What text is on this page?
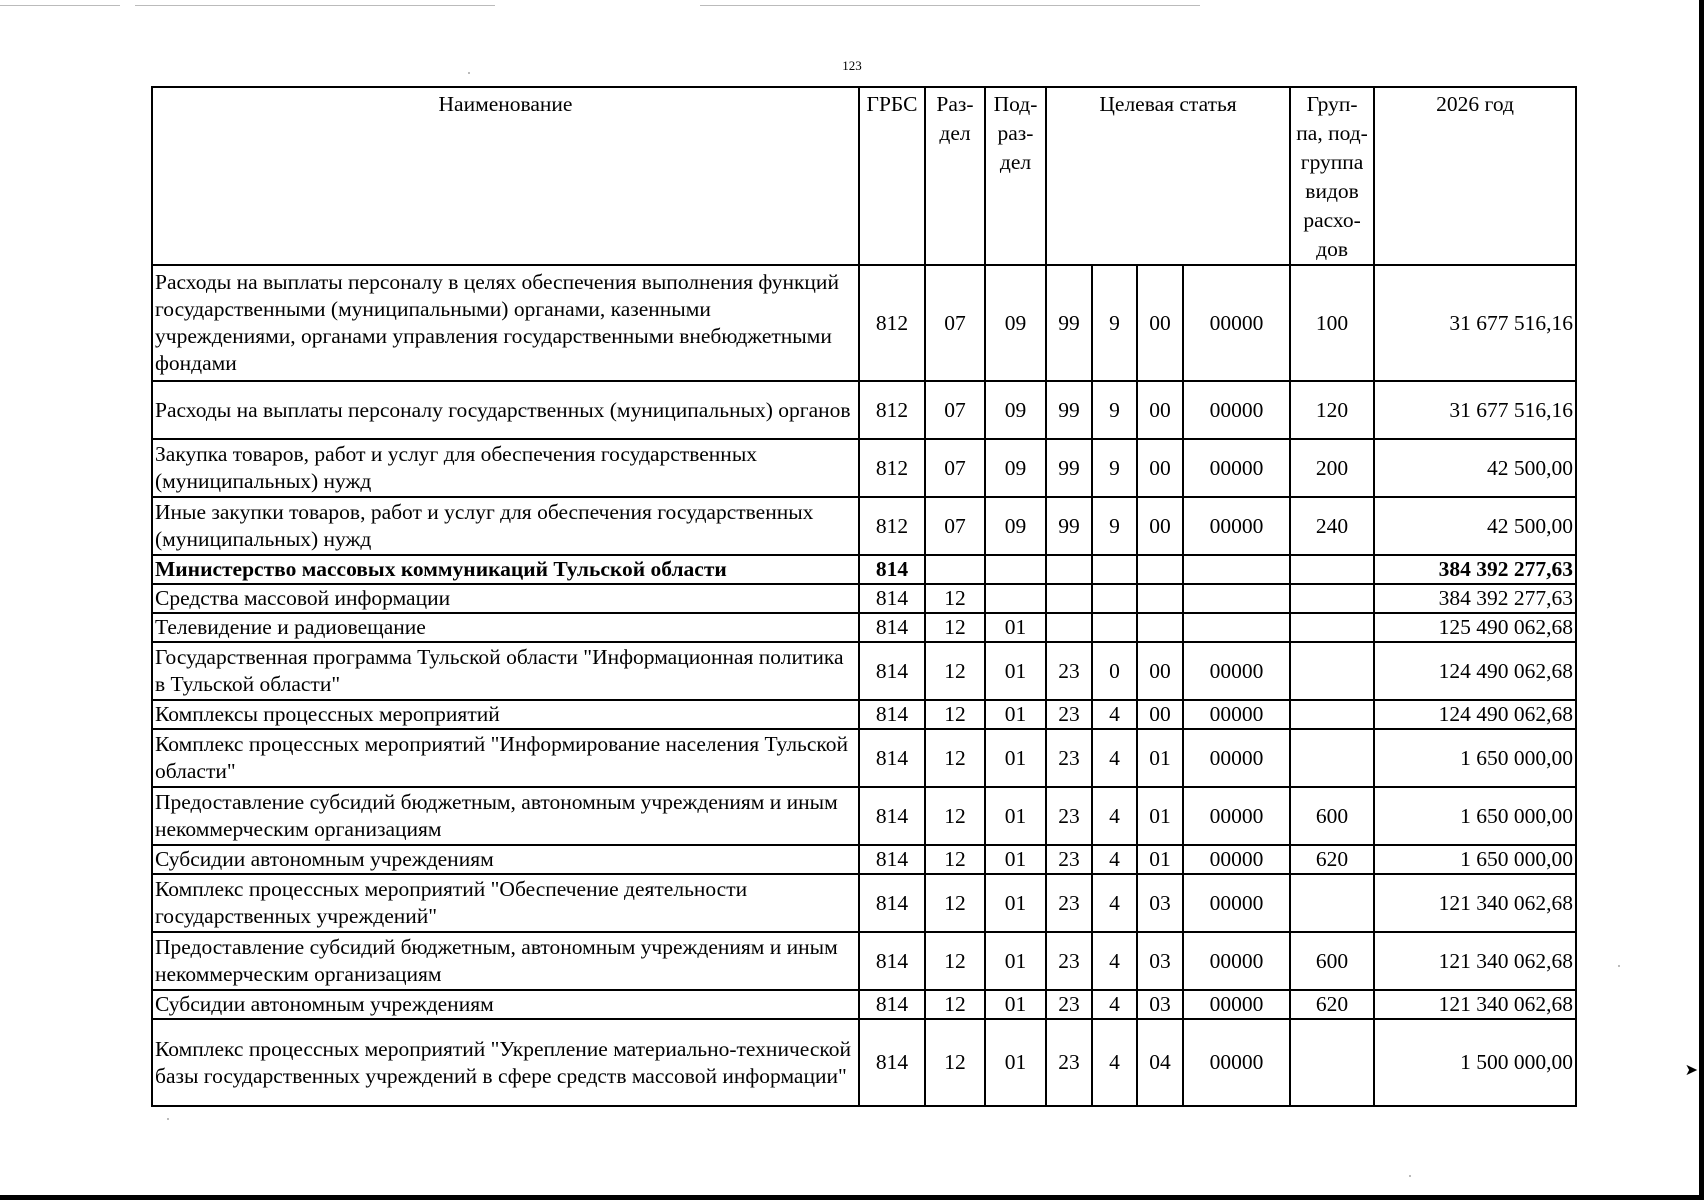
➤
123
Наименование	ГРБС	Раз- дел	Под- раз- дел	Целевая статья				Груп- па, под- группа видов расхо- дов	2026 год
Расходы на выплаты персоналу в целях обеспечения выполнения функций государственными (муниципальными) органами, казенными учреждениями, органами управления государственными внебюджетными фондами	812	07	09	99	9	00	00000	100	31 677 516,16
Расходы на выплаты персоналу государственных (муниципальных) органов	812	07	09	99	9	00	00000	120	31 677 516,16
Закупка товаров, работ и услуг для обеспечения государственных (муниципальных) нужд	812	07	09	99	9	00	00000	200	42 500,00
Иные закупки товаров, работ и услуг для обеспечения государственных (муниципальных) нужд	812	07	09	99	9	00	00000	240	42 500,00
Министерство массовых коммуникаций Тульской области	814								384 392 277,63
Средства массовой информации	814	12							384 392 277,63
Телевидение и радиовещание	814	12	01						125 490 062,68
Государственная программа Тульской области "Информационная политика в Тульской области"	814	12	01	23	0	00	00000		124 490 062,68
Комплексы процессных мероприятий	814	12	01	23	4	00	00000		124 490 062,68
Комплекс процессных мероприятий "Информирование населения Тульской области"	814	12	01	23	4	01	00000		1 650 000,00
Предоставление субсидий бюджетным, автономным учреждениям и иным некоммерческим организациям	814	12	01	23	4	01	00000	600	1 650 000,00
Субсидии автономным учреждениям	814	12	01	23	4	01	00000	620	1 650 000,00
Комплекс процессных мероприятий "Обеспечение деятельности государственных учреждений"	814	12	01	23	4	03	00000		121 340 062,68
Предоставление субсидий бюджетным, автономным учреждениям и иным некоммерческим организациям	814	12	01	23	4	03	00000	600	121 340 062,68
Субсидии автономным учреждениям	814	12	01	23	4	03	00000	620	121 340 062,68
Комплекс процессных мероприятий "Укрепление материально-технической базы государственных учреждений в сфере средств массовой информации"	814	12	01	23	4	04	00000		1 500 000,00
